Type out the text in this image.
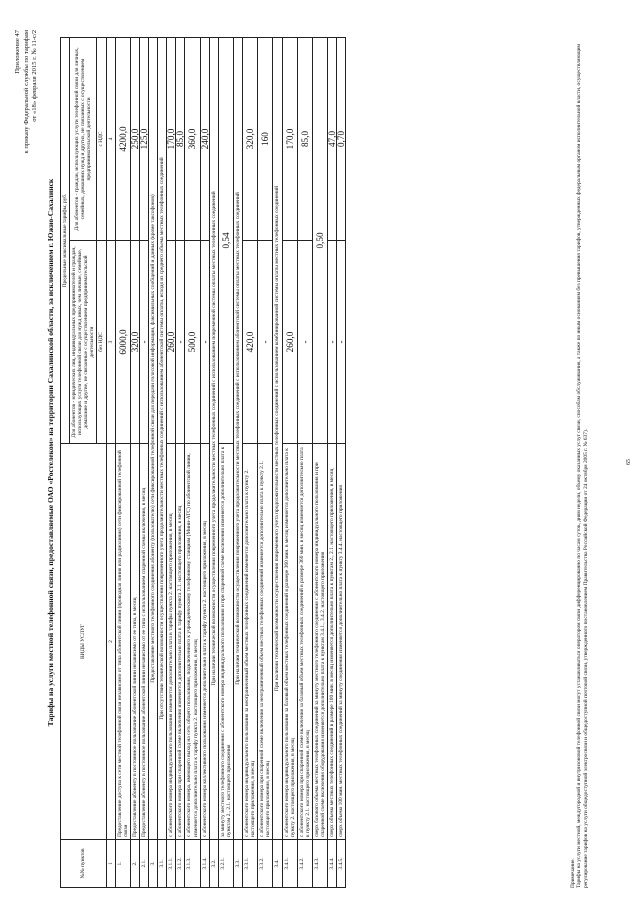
Приложение 47 к приказу Федеральной службы по тарифам от «18» февраля 2015 г. № 11-с/2
Тарифы на услуги местной телефонной связи, предоставляемые ОАО «Ростелеком» на территории Сахалинской области, за исключением г. Южно-Сахалинск
№№ пунктов	ВИДЫ УСЛУГ	Предельные максимальные тарифы, руб.	
		Для абонентов - юридических лиц, индивидуальных предпринимателей и граждан, использующих услуги телефонной связи для нужд иных, чем личные, семейные, домашние и другие, не связанные с осуществлением предпринимательской деятельности	Для абонентов - граждан, использующих услуги телефонной связи для личных, семейных, домашних нужд и других, не связанных с осуществлением предпринимательской деятельности
		без НДС	с НДС
1	2	3	4
1.	Предоставление доступа к сети местной телефонной связи независимо от типа абонентской линии (проводная линия или радиолиния) сети фиксированной телефонной связи	6000,0	4200,0
2.	Предоставление абоненту в постоянное пользование абонентской линии независимо от ее типа, в месяц	320,0	250,0
2.1.	Предоставление абоненту в постоянное пользование абонентской линии независимо от ее типа с использованием спаренной схемы включения, в месяц	-	125,0
3.	Предоставление местного телефонного соединения абоненту (пользователю) сети фиксированной телефонной связи для передачи голосовой информации, факсимильных сообщений и данных (кроме таксофонов)		
3.1.	При отсутствии технической возможности осуществления повременного учета продолжительности местных телефонных соединений с использованием абонентской системы оплаты, исходя из среднего объема местных телефонных соединений		
3.1.1.	с абонентского номера индивидуального пользования изменяется дополнительно плата в тарифы пункта 2. настоящего приложения, в месяц	260,0	170,0
3.1.2.	с абонентского номера при спаренной схеме включения изменяется дополнительно плата к тарифу пункта 2.1. настоящего приложения, в месяц	-	85,0
3.1.3.	с абонентского номера, имеющего выход на сеть общего пользования, подключенного к учрежденческому телефонному станциям (Мини-АТС) по абонентской линии, изменяется дополнительно плата к тарифу пункта 2. настоящего приложения, в месяц	500,0	360,0
3.1.4.	с абонентского номера коллективного пользования изменяется дополнительно плата к тарифу пункта 2. настоящего приложения, в месяц	-	240,0
3.2.	При наличии технической возможности осуществления повременного учета продолжительности местных телефонных соединений с использованием повременной системы оплаты местных телефонных соединений		
3.2.1.	за минуту местного телефонного соединения с абонентского номера индивидуального пользования и при спаренной схеме включения изменяется дополнительно плата к пунктам 2., 2.1. настоящего приложения	0,54	
3.3.	При наличии технической возможности осуществления повременного учета продолжительности местных телефонных соединений с использованием абонентской системы оплаты местных телефонных соединений		
3.3.1.	с абонентского номера индивидуального пользования за неограниченный объем местных телефонных соединений изменяется дополнительно плата к пункту 2. настоящего приложения, в месяц	420,0	320,0
3.3.2.	с абонентского номера при спаренной схеме включения за неограниченный объем местных телефонных соединений изменяется дополнительно плата к пункту 2.1. настоящего приложения, в месяц	-	160
3.4.	При наличии технической возможности осуществления повременного учета продолжительности местных телефонных соединений с использованием комбинированной системы оплаты местных телефонных соединений		
3.4.1.	с абонентского номера индивидуального пользования за базовый объем местных телефонных соединений в размере 360 мин. в месяц изменяется дополнительно плата к пункту 2. настоящего приложения, в месяц	260,0	170,0
3.4.2.	с абонентского номера при спаренной схеме включения за базовый объем местных телефонных соединений в размере 360 мин. в месяц изменяется дополнительно плата к пункту 2.1. настоящего приложения, в месяц	-	85,0
3.4.3.	сверх базового объема местных телефонных соединений за минуту местного телефонного соединения с абонентского номера индивидуального пользования и при спаренной схеме включения оборудования изменяется дополнительно плата к пунктам 3.4.1., 3.4.2. настоящего приложения	0,50	
3.4.4.	сверх объема местных телефонных соединений в размере 100 мин. в месяц изменяется дополнительно плата к пунктам 2., 2.1. настоящего приложения, в месяц	-	47,0
3.4.5.	сверх объема 100 мин. местных телефонных соединений за минуту соединения изменяется дополнительно плата к пункту 3.4.4. настоящего приложения	-	0,70
Примечание.
Тарифы на услуги местной, междугородной и внутризоновой телефонной связи могут устанавливаться оператором связи дифференцированно по часам суток, дням недели, объему оказанных услуг связи, способам обслуживания, а также по иным основаниям без превышения тарифов, утвержденных федеральным органом исполнительной власти, осуществляющим регулирование тарифов на услуги общедоступной электросвязи и общедоступной почтовой связи, утвержденного постановлением Правительства Российской Федерации от 24 октября 2005 г. № 637).	65
